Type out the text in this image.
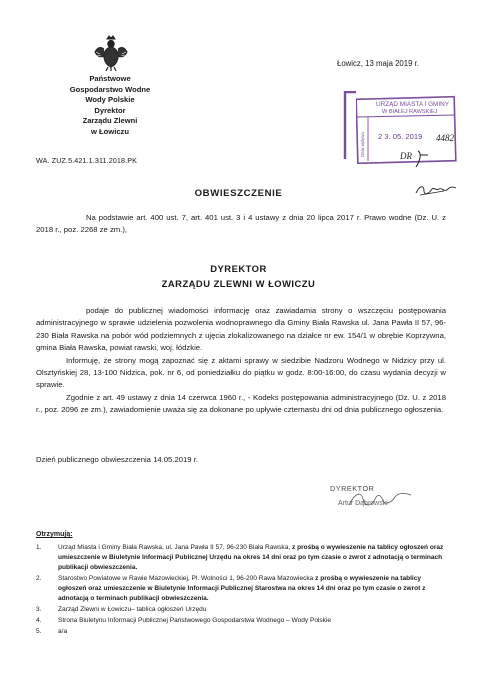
Państwowe
Gospodarstwo Wodne
Wody Polskie
Dyrektor
Zarządu Zlewni
w Łowiczu
Łowicz, 13 maja 2019 r.
WA. ZUZ.5.421.1.311.2018.PK
URZĄD MIASTA I GMINY
W BIAŁEJ RAWSKIEJ
Data wpływu 2 3. 05. 2019 4482
DR
OBWIESZCZENIE
Na podstawie art. 400 ust. 7, art. 401 ust. 3 i 4 ustawy z dnia 20 lipca 2017 r. Prawo wodne (Dz. U. z 2018 r., poz. 2268 ze zm.),
DYREKTOR
ZARZĄDU ZLEWNI W ŁOWICZU

podaje do publicznej wiadomości informację oraz zawiadamia strony o wszczęciu postępowania administracyjnego w sprawie udzielenia pozwolenia wodnoprawnego dla Gminy Biała Rawska ul. Jana Pawła II 57, 96-230 Biała Rawska na pobór wód podziemnych z ujęcia zlokalizowanego na działce nr ew. 154/1 w obrębie Koprzywna, gmina Biała Rawska, powiat rawski, woj. łódzkie.

Informuję, że strony mogą zapoznać się z aktami sprawy w siedzibie Nadzoru Wodnego w Nidzicy przy ul. Olsztyńskiej 28, 13-100 Nidzica, pok. nr 6, od poniedziałku do piątku w godz. 8:00-16:00, do czasu wydania decyzji w sprawie.

Zgodnie z art. 49 ustawy z dnia 14 czerwca 1960 r., - Kodeks postępowania administracyjnego (Dz. U. z 2018 r., poz. 2096 ze zm.), zawiadomienie uważa się za dokonane po upływie czternastu dni od dnia publicznego ogłoszenia.

Dzień publicznego obwieszczenia 14.05.2019 r.
DYREKTOR
Artur Dąbrowski
Otrzymują:
1.	Urząd Miasta i Gminy Biała Rawska, ul. Jana Pawła II 57, 96-230 Biała Rawska, z prośbą o wywieszenie na tablicy ogłoszeń oraz umieszczenie w Biuletynie Informacji Publicznej Urzędu na okres 14 dni oraz po tym czasie o zwrot z adnotacją o terminach publikacji obwieszczenia.
2.	Starostwo Powiatowe w Rawie Mazowieckiej, Pl. Wolności 1, 96-200 Rawa Mazowiecka z prośbą o wywieszenie na tablicy ogłoszeń oraz umieszczenie w Biuletynie Informacji Publicznej Starostwa na okres 14 dni oraz po tym czasie o zwrot z adnotacją o terminach publikacji obwieszczenia.
3.	Zarząd Zlewni w Łowiczu– tablica ogłoszeń Urzędu
4.	Strona Biuletynu Informacji Publicznej Państwowego Gospodarstwa Wodnego – Wody Polskie
5.	a/a
